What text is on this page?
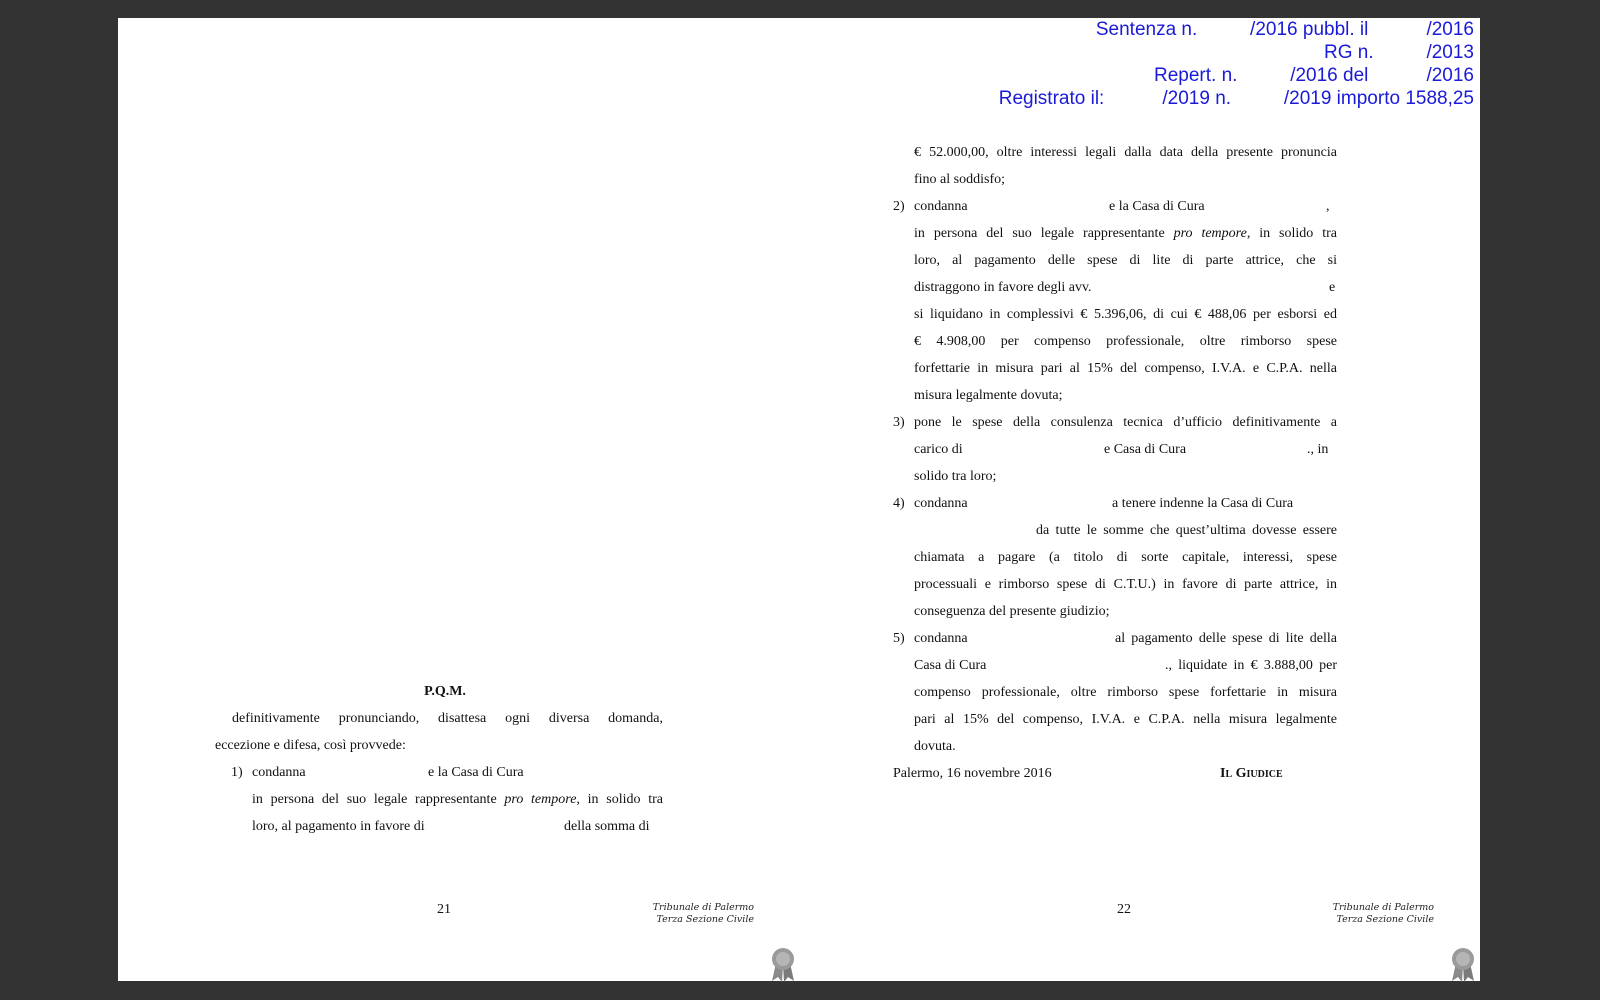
Sentenza n.          /2016 pubbl. il           /2016
RG n.          /2013
Repert. n.          /2016 del           /2016
Registrato il:           /2019 n.          /2019 importo 1588,25
P.Q.M.
definitivamente pronunciando, disattesa ogni diversa domanda,
eccezione e difesa, così provvede:
1) condanna	e la Casa di Cura
in persona del suo legale rappresentante pro tempore, in solido tra
loro, al pagamento in favore di	della somma di
21	Tribunale di Palermo
Terza Sezione Civile
€ 52.000,00, oltre interessi legali dalla data della presente pronuncia
fino al soddisfo;
2) condanna	e la Casa di Cura	,
in persona del suo legale rappresentante pro tempore, in solido tra
loro, al pagamento delle spese di lite di parte attrice, che si
distraggono in favore degli avv.	e
si liquidano in complessivi € 5.396,06, di cui € 488,06 per esborsi ed
€ 4.908,00 per compenso professionale, oltre rimborso spese
forfettarie in misura pari al 15% del compenso, I.V.A. e C.P.A. nella
misura legalmente dovuta;
3) pone le spese della consulenza tecnica d’ufficio definitivamente a
carico di	e Casa di Cura	., in
solido tra loro;
4) condanna	a tenere indenne la Casa di Cura
da tutte le somme che quest’ultima dovesse essere
chiamata a pagare (a titolo di sorte capitale, interessi, spese
processuali e rimborso spese di C.T.U.) in favore di parte attrice, in
conseguenza del presente giudizio;
5) condanna	al pagamento delle spese di lite della
Casa di Cura	., liquidate in € 3.888,00 per
compenso professionale, oltre rimborso spese forfettarie in misura
pari al 15% del compenso, I.V.A. e C.P.A. nella misura legalmente
dovuta.
Palermo, 16 novembre 2016	Il Giudice
22	Tribunale di Palermo
Terza Sezione Civile
